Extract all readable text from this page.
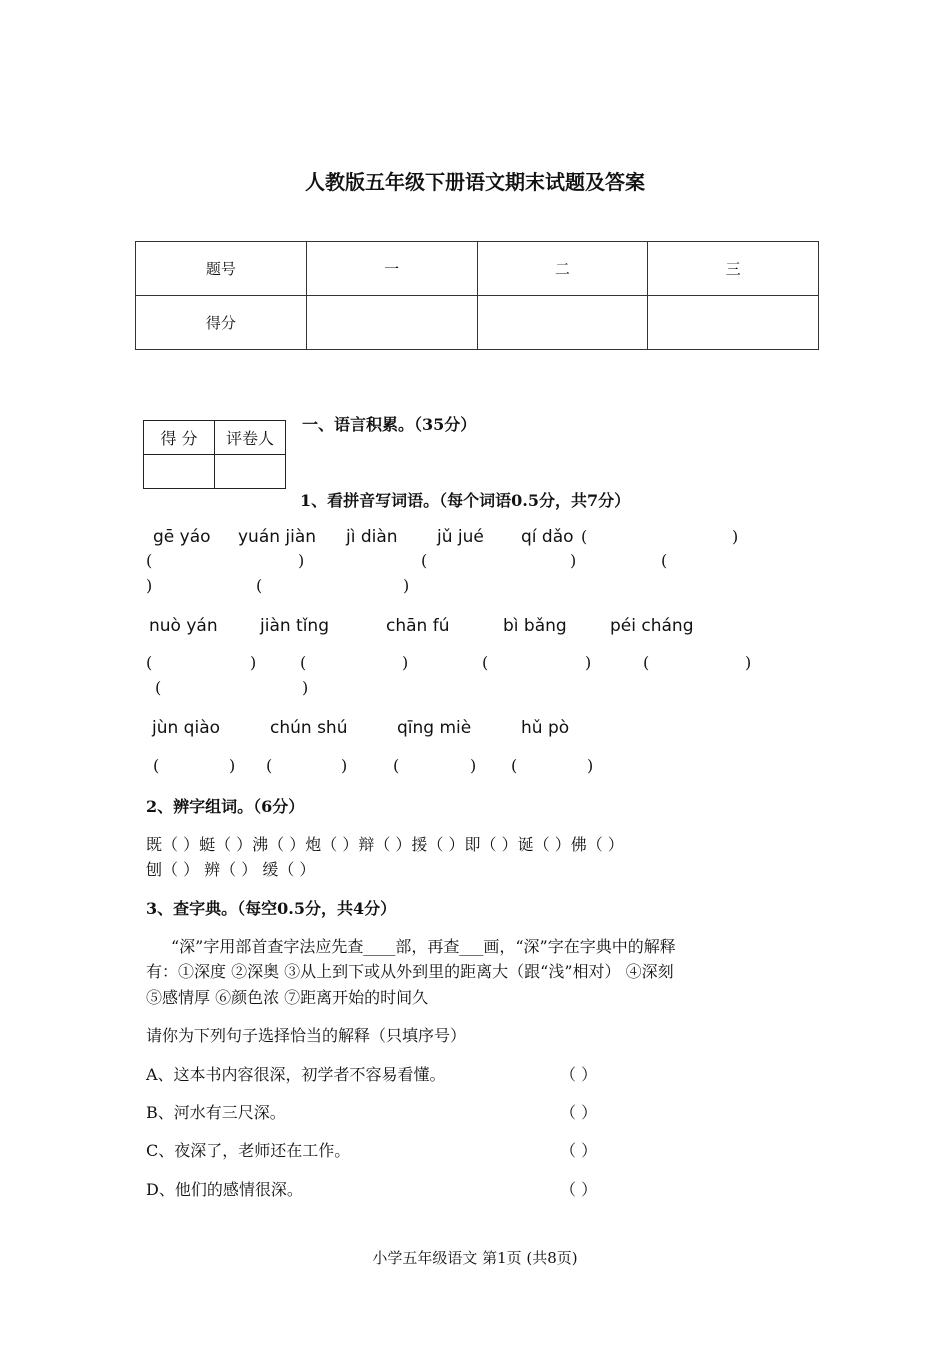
人教版五年级下册语文期末试题及答案
题号	一	二	三
得分			
得 分	评卷人

一、语言积累。（35分）
1、看拼音写词语。（每个词语0.5分，共7分）
gē yáo yuán jiàn jì diàn jǔ jué qí dǎo (	)
(	)	(	)	(
)	(	)
nuò yán jiàn tǐng	chān fú	bì bǎng	péi cháng
(	)	(	)	(	)	(	)
(	)
jùn qiào	chún shú	qīng miè	hǔ pò
(	) (	)	(	) (	)
2、辨字组词。（6分）
既（ ）蜓（ ）沸（ ）炮（ ）辩（ ）援（ ）即（ ）诞（ ）佛（ ）
刨（ ） 辨（ ） 缓（ ）
3、查字典。（每空0.5分，共4分）
“深”字用部首查字法应先查____部，再查___画，“深”字在字典中的解释
有：①深度 ②深奥 ③从上到下或从外到里的距离大（跟“浅”相对） ④深刻
⑤感情厚 ⑥颜色浓 ⑦距离开始的时间久
请你为下列句子选择恰当的解释（只填序号）
A、这本书内容很深，初学者不容易看懂。	（ ）
B、河水有三尺深。	（ ）
C、夜深了，老师还在工作。	（ ）
D、他们的感情很深。	（ ）
小学五年级语文 第1页 (共8页)
